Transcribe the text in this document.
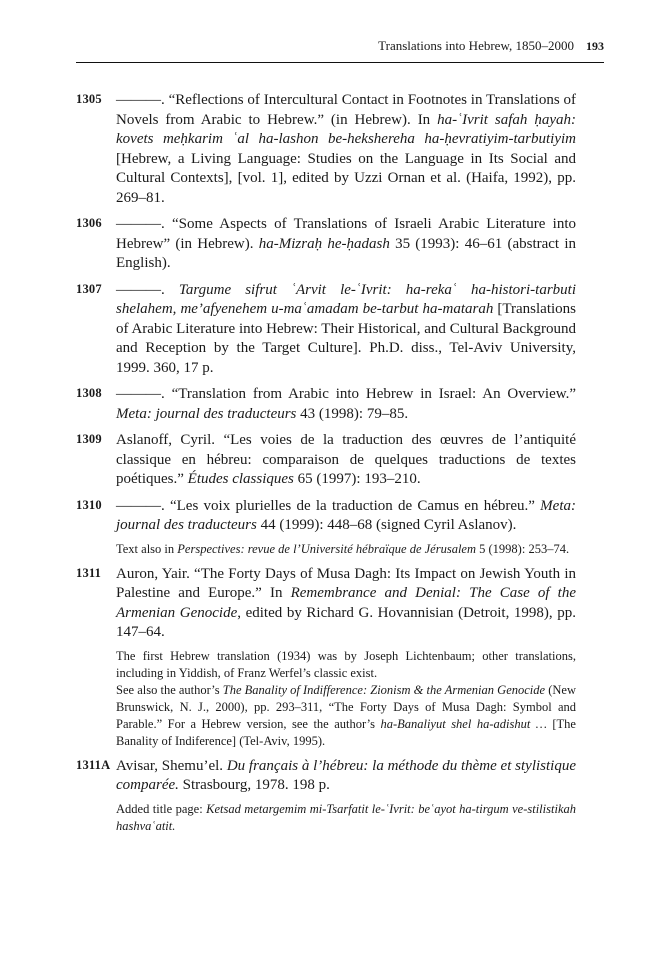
Translations into Hebrew, 1850–2000 193
1305 ———. “Reflections of Intercultural Contact in Footnotes in Translations of Novels from Arabic to Hebrew.” (in Hebrew). In ha-ʿIvrit safah ḥayah: kovets meḥkarim ʿal ha-lashon be-hekshereha ha-ḥevratiyim-tarbutiyim [Hebrew, a Living Language: Studies on the Language in Its Social and Cultural Contexts], [vol. 1], edited by Uzzi Ornan et al. (Haifa, 1992), pp. 269–81.
1306 ———. “Some Aspects of Translations of Israeli Arabic Literature into Hebrew” (in Hebrew). ha-Mizraḥ he-ḥadash 35 (1993): 46–61 (abstract in English).
1307 ———. Targume sifrut ʿArvit le-ʿIvrit: ha-rekaʿ ha-histori-tarbuti shelahem, me’afyenehem u-maʿamadam be-tarbut ha-matarah [Translations of Arabic Literature into Hebrew: Their Historical, and Cultural Background and Reception by the Target Culture]. Ph.D. diss., Tel-Aviv University, 1999. 360, 17 p.
1308 ———. “Translation from Arabic into Hebrew in Israel: An Overview.” Meta: journal des traducteurs 43 (1998): 79–85.
1309 Aslanoff, Cyril. “Les voies de la traduction des œuvres de l’antiquité classique en hébreu: comparaison de quelques traductions de textes poétiques.” Études classiques 65 (1997): 193–210.
1310 ———. “Les voix plurielles de la traduction de Camus en hébreu.” Meta: journal des traducteurs 44 (1999): 448–68 (signed Cyril Aslanov).
Text also in Perspectives: revue de l’Université hébraïque de Jérusalem 5 (1998): 253–74.
1311 Auron, Yair. “The Forty Days of Musa Dagh: Its Impact on Jewish Youth in Palestine and Europe.” In Remembrance and Denial: The Case of the Armenian Genocide, edited by Richard G. Hovannisian (Detroit, 1998), pp. 147–64.
The first Hebrew translation (1934) was by Joseph Lichtenbaum; other translations, including in Yiddish, of Franz Werfel’s classic exist.
See also the author’s The Banality of Indifference: Zionism & the Armenian Genocide (New Brunswick, N. J., 2000), pp. 293–311, “The Forty Days of Musa Dagh: Symbol and Parable.” For a Hebrew version, see the author’s ha-Banaliyut shel ha-adishut … [The Banality of Indiference] (Tel-Aviv, 1995).
1311A Avisar, Shemu’el. Du français à l’hébreu: la méthode du thème et stylistique comparée. Strasbourg, 1978. 198 p.
Added title page: Ketsad metargemim mi-Tsarfatit le-ʿIvrit: beʿayot ha-tirgum ve-stilistikah hashvaʿatit.
